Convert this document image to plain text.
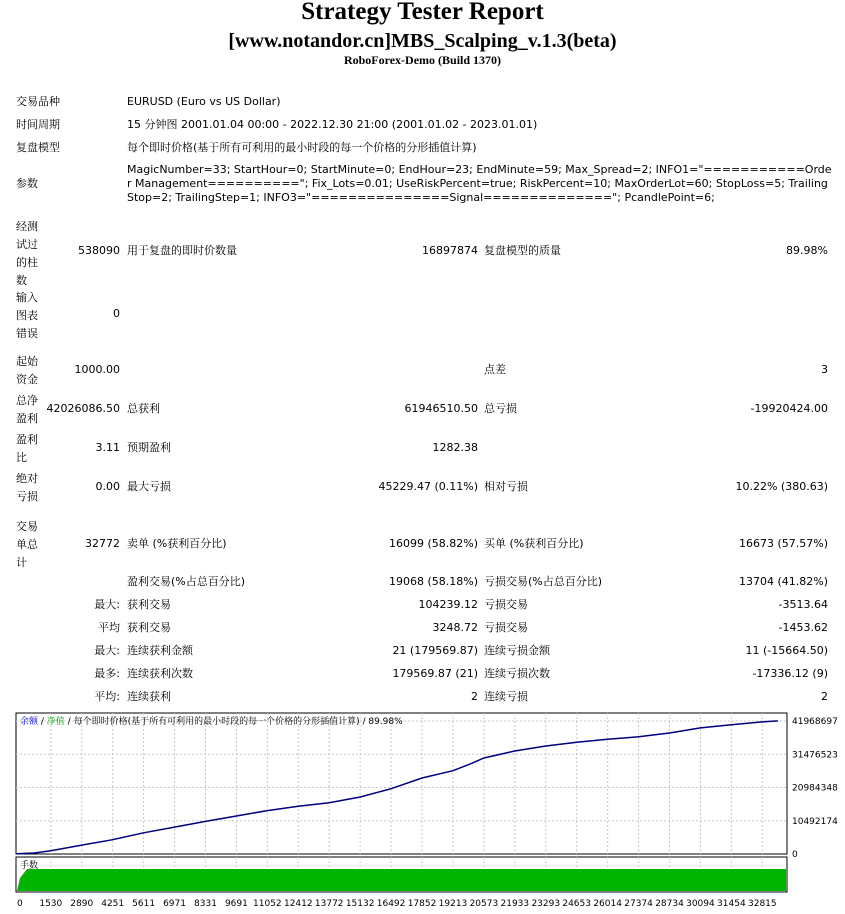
Strategy Tester Report
[www.notandor.cn]MBS_Scalping_v.1.3(beta)
RoboForex-Demo (Build 1370)
交易品种	EURUSD (Euro vs US Dollar)
时间周期	15 分钟图 2001.01.04 00:00 - 2022.12.30 21:00 (2001.01.02 - 2023.01.01)
复盘模型	每个即时价格(基于所有可利用的最小时段的每一个价格的分形插值计算)
参数
MagicNumber=33; StartHour=0; StartMinute=0; EndHour=23; EndMinute=59; Max_Spread=2; INFO1="===========Order Management=========="; Fix_Lots=0.01; UseRiskPercent=true; RiskPercent=10; MaxOrderLot=60; StopLoss=5; TrailingStop=2; TrailingStep=1; INFO3="===============Signal=============="; PcandlePoint=6;
经测试过的柱数
538090 用于复盘的即时价数量	16897874 复盘模型的质量	89.98%
输入图表错误
0
起始资金
1000.00	点差	3
总净盈利
42026086.50 总获利	61946510.50 总亏损	-19920424.00
盈利比
3.11 预期盈利	1282.38
绝对亏损
0.00 最大亏损	45229.47 (0.11%) 相对亏损	10.22% (380.63)
交易单总计
32772 卖单 (%获利百分比)	16099 (58.82%) 买单 (%获利百分比)	16673 (57.57%)
盈利交易(%占总百分比)	19068 (58.18%) 亏损交易(%占总百分比)	13704 (41.82%)
最大: 获利交易	104239.12 亏损交易	-3513.64
平均 获利交易	3248.72 亏损交易	-1453.62
最大: 连续获利金额	21 (179569.87) 连续亏损金额	11 (-15664.50)
最多: 连续获利次数	179569.87 (21) 连续亏损次数	-17336.12 (9)
平均: 连续获利	2 连续亏损	2
余额 / 净值 / 每个即时价格(基于所有可利用的最小时段的每一个价格的分形插值计算) / 89.98%	41968697
31476523
20984348
10492174
0
手数
0 1530 2890 4251 5611 6971 8331 9691 11052 12412 13772 15132 16492 17852 19213 20573 21933 23293 24653 26014 27374 28734 30094 31454 32815
